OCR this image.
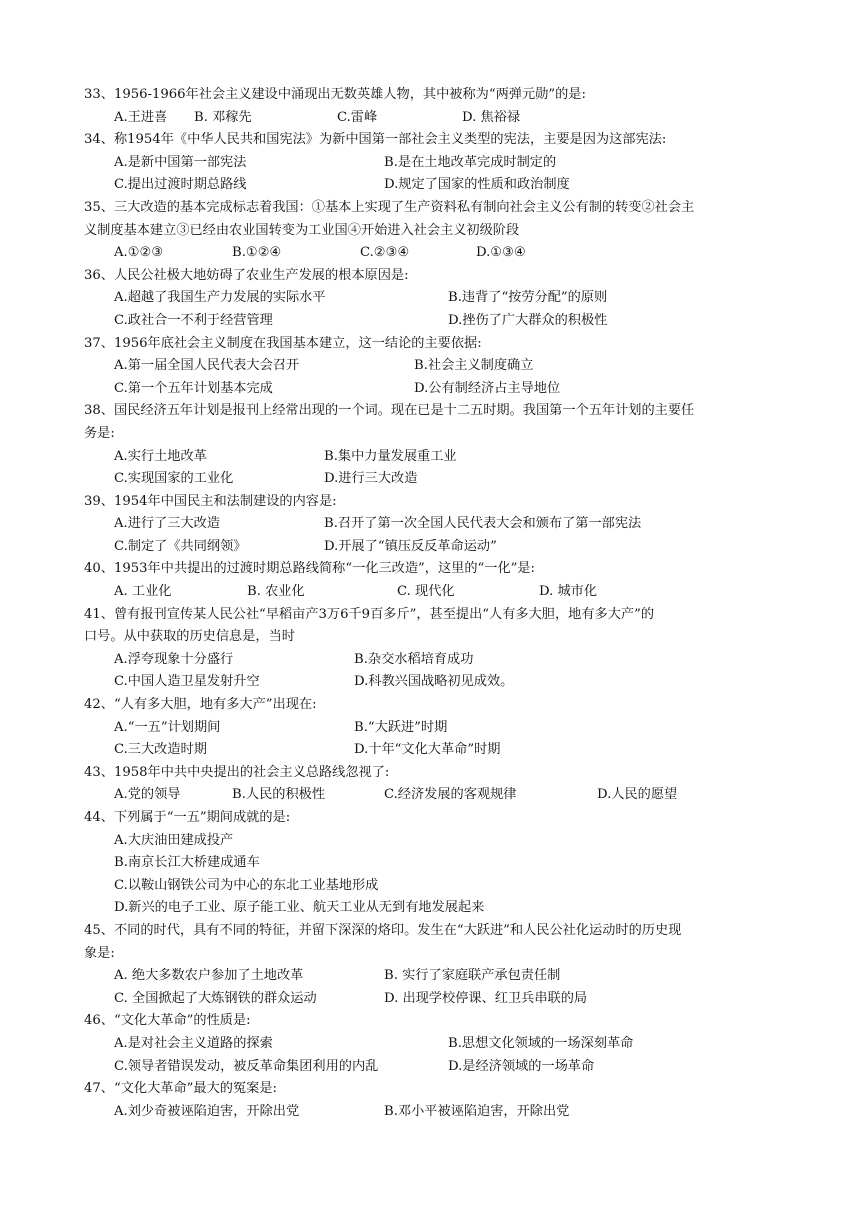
33、1956-1966年社会主义建设中涌现出无数英雄人物，其中被称为“两弹元勋”的是:
A.王进喜 B. 邓稼先	C.雷峰	D. 焦裕禄
34、称1954年《中华人民共和国宪法》为新中国第一部社会主义类型的宪法，主要是因为这部宪法:
A.是新中国第一部宪法	B.是在土地改革完成时制定的
C.提出过渡时期总路线	D.规定了国家的性质和政治制度
35、三大改造的基本完成标志着我国：①基本上实现了生产资料私有制向社会主义公有制的转变②社会主
义制度基本建立③已经由农业国转变为工业国④开始进入社会主义初级阶段
A.①②③	B.①②④	C.②③④	D.①③④
36、人民公社极大地妨碍了农业生产发展的根本原因是:
A.超越了我国生产力发展的实际水平	B.违背了“按劳分配”的原则
C.政社合一不利于经营管理	D.挫伤了广大群众的积极性
37、1956年底社会主义制度在我国基本建立，这一结论的主要依据:
A.第一届全国人民代表大会召开	B.社会主义制度确立
C.第一个五年计划基本完成	D.公有制经济占主导地位
38、国民经济五年计划是报刊上经常出现的一个词。现在已是十二五时期。我国第一个五年计划的主要任
务是:
A.实行土地改革	B.集中力量发展重工业
C.实现国家的工业化	D.进行三大改造
39、1954年中国民主和法制建设的内容是:
A.进行了三大改造	B.召开了第一次全国人民代表大会和颁布了第一部宪法
C.制定了《共同纲领》	D.开展了“镇压反反革命运动”
40、1953年中共提出的过渡时期总路线简称“一化三改造”，这里的“一化”是:
A. 工业化	B. 农业化	C. 现代化	D. 城市化
41、曾有报刊宣传某人民公社“早稻亩产3万6千9百多斤”，甚至提出“人有多大胆，地有多大产”的
口号。从中获取的历史信息是，当时
A.浮夸现象十分盛行	B.杂交水稻培育成功
C.中国人造卫星发射升空	D.科教兴国战略初见成效。
42、“人有多大胆，地有多大产”出现在:
A.“一五”计划期间	B.“大跃进”时期
C.三大改造时期	D.十年“文化大革命”时期
43、1958年中共中央提出的社会主义总路线忽视了:
A.党的领导	B.人民的积极性	C.经济发展的客观规律	D.人民的愿望
44、下列属于“一五”期间成就的是:
A.大庆油田建成投产
B.南京长江大桥建成通车
C.以鞍山钢铁公司为中心的东北工业基地形成
D.新兴的电子工业、原子能工业、航天工业从无到有地发展起来
45、不同的时代，具有不同的特征，并留下深深的烙印。发生在“大跃进”和人民公社化运动时的历史现
象是:
A. 绝大多数农户参加了土地改革	B. 实行了家庭联产承包责任制
C. 全国掀起了大炼钢铁的群众运动	D. 出现学校停课、红卫兵串联的局
46、“文化大革命”的性质是:
A.是对社会主义道路的探索	B.思想文化领域的一场深刻革命
C.领导者错误发动，被反革命集团利用的内乱	D.是经济领域的一场革命
47、“文化大革命”最大的冤案是:
A.刘少奇被诬陷迫害，开除出党	B.邓小平被诬陷迫害，开除出党
